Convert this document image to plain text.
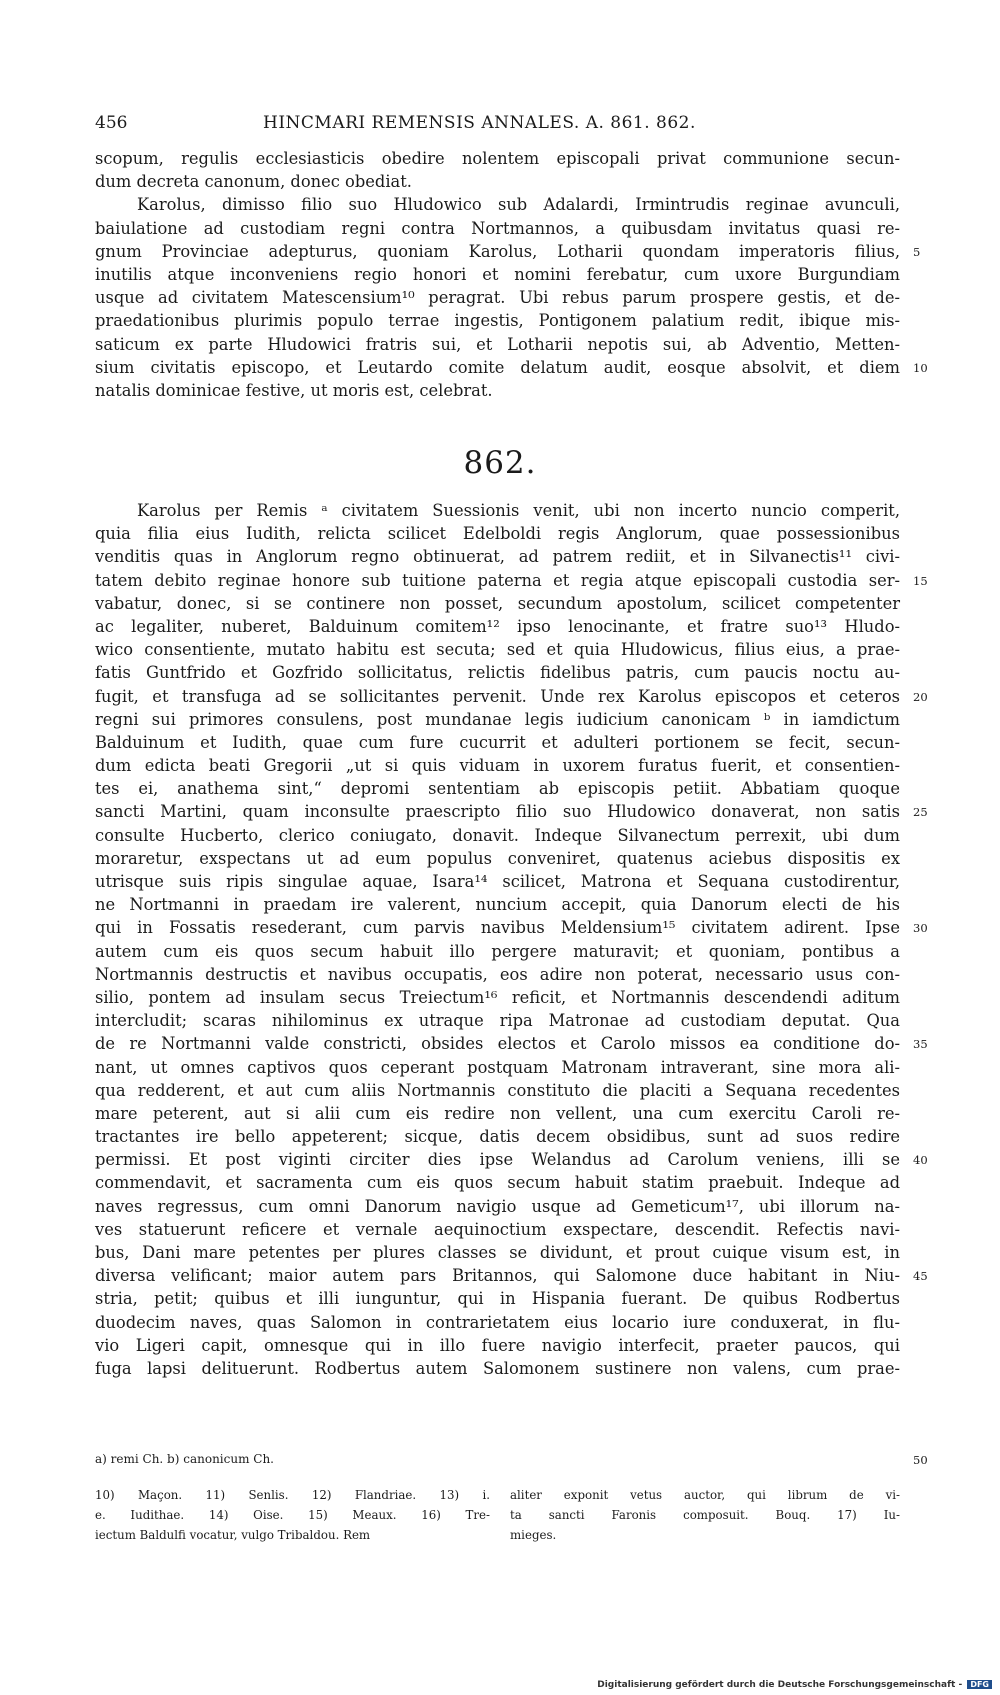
456	HINCMARI REMENSIS ANNALES. A. 861. 862.
scopum, regulis ecclesiasticis obedire nolentem episcopali privat communione secun-
dum decreta canonum, donec obediat.
Karolus, dimisso filio suo Hludowico sub Adalardi, Irmintrudis reginae avunculi,
baiulatione ad custodiam regni contra Nortmannos, a quibusdam invitatus quasi re-
gnum Provinciae adepturus, quoniam Karolus, Lotharii quondam imperatoris filius, 5
inutilis atque inconveniens regio honori et nomini ferebatur, cum uxore Burgundiam
usque ad civitatem Matescensium¹⁰ peragrat. Ubi rebus parum prospere gestis, et de-
praedationibus plurimis populo terrae ingestis, Pontigonem palatium redit, ibique mis-
saticum ex parte Hludowici fratris sui, et Lotharii nepotis sui, ab Adventio, Metten-
sium civitatis episcopo, et Leutardo comite delatum audit, eosque absolvit, et diem 10
natalis dominicae festive, ut moris est, celebrat.
862.
Karolus per Remis ᵃ civitatem Suessionis venit, ubi non incerto nuncio comperit,
quia filia eius Iudith, relicta scilicet Edelboldi regis Anglorum, quae possessionibus
venditis quas in Anglorum regno obtinuerat, ad patrem rediit, et in Silvanectis¹¹ civi-
tatem debito reginae honore sub tuitione paterna et regia atque episcopali custodia ser- 15
vabatur, donec, si se continere non posset, secundum apostolum, scilicet competenter
ac legaliter, nuberet, Balduinum comitem¹² ipso lenocinante, et fratre suo¹³ Hludo-
wico consentiente, mutato habitu est secuta; sed et quia Hludowicus, filius eius, a prae-
fatis Guntfrido et Gozfrido sollicitatus, relictis fidelibus patris, cum paucis noctu au-
fugit, et transfuga ad se sollicitantes pervenit. Unde rex Karolus episcopos et ceteros 20
regni sui primores consulens, post mundanae legis iudicium canonicam ᵇ in iamdictum
Balduinum et Iudith, quae cum fure cucurrit et adulteri portionem se fecit, secun-
dum edicta beati Gregorii „ut si quis viduam in uxorem furatus fuerit, et consentien-
tes ei, anathema sint,“ depromi sententiam ab episcopis petiit. Abbatiam quoque
sancti Martini, quam inconsulte praescripto filio suo Hludowico donaverat, non satis 25
consulte Hucberto, clerico coniugato, donavit. Indeque Silvanectum perrexit, ubi dum
moraretur, exspectans ut ad eum populus conveniret, quatenus aciebus dispositis ex
utrisque suis ripis singulae aquae, Isara¹⁴ scilicet, Matrona et Sequana custodirentur,
ne Nortmanni in praedam ire valerent, nuncium accepit, quia Danorum electi de his
qui in Fossatis resederant, cum parvis navibus Meldensium¹⁵ civitatem adirent. Ipse 30
autem cum eis quos secum habuit illo pergere maturavit; et quoniam, pontibus a
Nortmannis destructis et navibus occupatis, eos adire non poterat, necessario usus con-
silio, pontem ad insulam secus Treiectum¹⁶ reficit, et Nortmannis descendendi aditum
intercludit; scaras nihilominus ex utraque ripa Matronae ad custodiam deputat. Qua
de re Nortmanni valde constricti, obsides electos et Carolo missos ea conditione do- 35
nant, ut omnes captivos quos ceperant postquam Matronam intraverant, sine mora ali-
qua redderent, et aut cum aliis Nortmannis constituto die placiti a Sequana recedentes
mare peterent, aut si alii cum eis redire non vellent, una cum exercitu Caroli re-
tractantes ire bello appeterent; sicque, datis decem obsidibus, sunt ad suos redire
permissi. Et post viginti circiter dies ipse Welandus ad Carolum veniens, illi se 40
commendavit, et sacramenta cum eis quos secum habuit statim praebuit. Indeque ad
naves regressus, cum omni Danorum navigio usque ad Gemeticum¹⁷, ubi illorum na-
ves statuerunt reficere et vernale aequinoctium exspectare, descendit. Refectis navi-
bus, Dani mare petentes per plures classes se dividunt, et prout cuique visum est, in
diversa velificant; maior autem pars Britannos, qui Salomone duce habitant in Niu- 45
stria, petit; quibus et illi iunguntur, qui in Hispania fuerant. De quibus Rodbertus
duodecim naves, quas Salomon in contrarietatem eius locario iure conduxerat, in flu-
vio Ligeri capit, omnesque qui in illo fuere navigio interfecit, praeter paucos, qui
fuga lapsi delituerunt. Rodbertus autem Salomonem sustinere non valens, cum prae-
a) remi Ch. b) canonicum Ch.	50
10) Maçon. 11) Senlis. 12) Flandriae. 13) i.
e. Iudithae. 14) Oise. 15) Meaux. 16) Tre-
iectum Baldulfi vocatur, vulgo Tribaldou. Rem
aliter exponit vetus auctor, qui librum de vi-
ta sancti Faronis composuit. Bouq. 17) Iu-
mieges.
Digitalisierung gefördert durch die Deutsche Forschungsgemeinschaft - DFG
